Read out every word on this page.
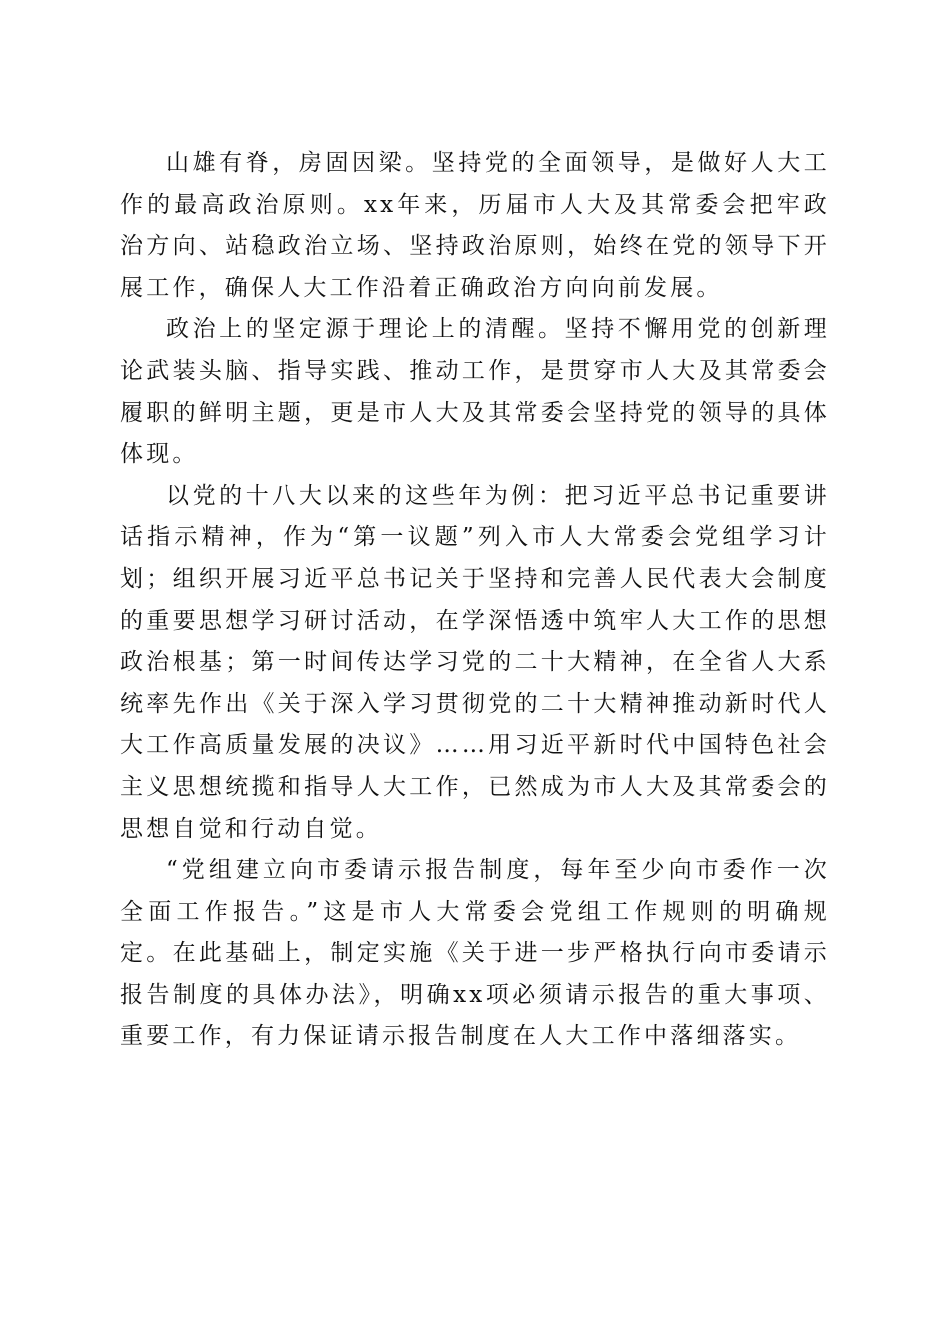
山雄有脊，房固因梁。坚持党的全面领导，是做好人大工作的最高政治原则。xx年来，历届市人大及其常委会把牢政治方向、站稳政治立场、坚持政治原则，始终在党的领导下开展工作，确保人大工作沿着正确政治方向向前发展。

政治上的坚定源于理论上的清醒。坚持不懈用党的创新理论武装头脑、指导实践、推动工作，是贯穿市人大及其常委会履职的鲜明主题，更是市人大及其常委会坚持党的领导的具体体现。

以党的十八大以来的这些年为例：把习近平总书记重要讲话指示精神，作为“第一议题”列入市人大常委会党组学习计划；组织开展习近平总书记关于坚持和完善人民代表大会制度的重要思想学习研讨活动，在学深悟透中筑牢人大工作的思想政治根基；第一时间传达学习党的二十大精神，在全省人大系统率先作出《关于深入学习贯彻党的二十大精神推动新时代人大工作高质量发展的决议》……用习近平新时代中国特色社会主义思想统揽和指导人大工作，已然成为市人大及其常委会的思想自觉和行动自觉。

“党组建立向市委请示报告制度，每年至少向市委作一次全面工作报告。”这是市人大常委会党组工作规则的明确规定。在此基础上，制定实施《关于进一步严格执行向市委请示报告制度的具体办法》，明确xx项必须请示报告的重大事项、重要工作，有力保证请示报告制度在人大工作中落细落实。
